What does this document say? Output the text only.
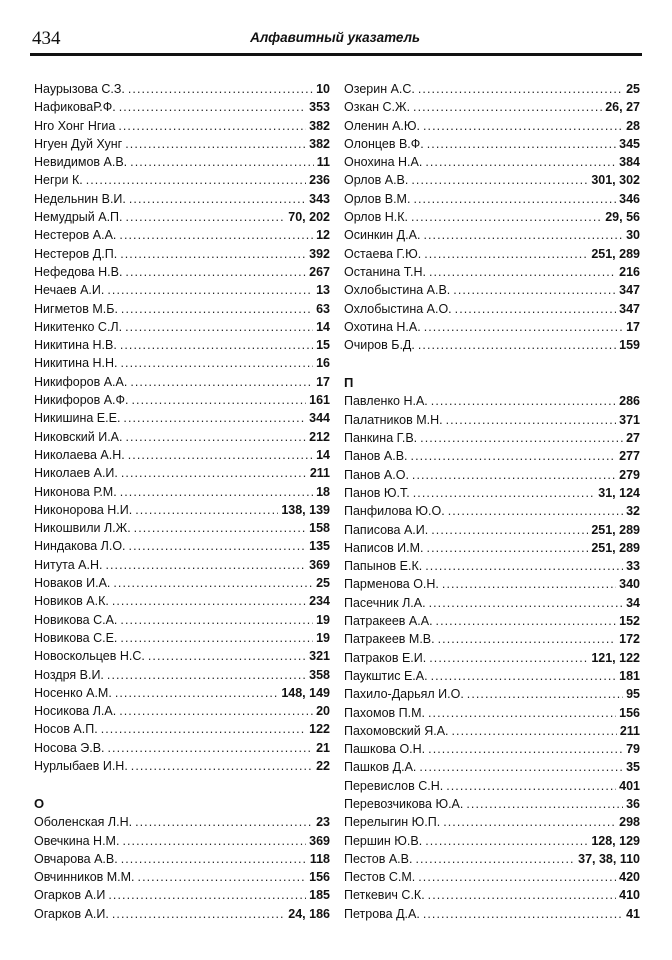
434	Алфавитный указатель
Наурызова С.З. . . .	10
НафиковаР.Ф. . . .	353
Нго Хонг Нгиа . . .	382
Нгуен Дуй Хунг . . .	382
Невидимов А.В. . . .	11
Негри К. . . .	236
Недельнин В.И. . . .	343
Немудрый А.П. . . .	70, 202
Нестеров А.А. . . .	12
Нестеров Д.П. . . .	392
Нефедова Н.В. . . .	267
Нечаев А.И. . . .	13
Нигметов М.Б. . . .	63
Никитенко С.Л. . . .	14
Никитина Н.В. . . .	15
Никитина Н.Н. . . .	16
Никифоров А.А. . . .	17
Никифоров А.Ф. . . .	161
Никишина Е.Е. . . .	344
Никовский И.А. . . .	212
Николаева А.Н. . . .	14
Николаев А.И. . . .	211
Никонова Р.М. . . .	18
Никонорова Н.И. . . .	138, 139
Никошвили Л.Ж. . . .	158
Ниндакова Л.О. . . .	135
Нитута А.Н. . . .	369
Новаков И.А. . . .	25
Новиков А.К. . . .	234
Новикова С.А. . . .	19
Новикова С.Е. . . .	19
Новоскольцев Н.С. . . .	321
Ноздря В.И. . . .	358
Носенко А.М. . . .	148, 149
Носикова Л.А. . . .	20
Носов А.П. . . .	122
Носова Э.В. . . .	21
Нурлыбаев И.Н. . . .	22
О
Оболенская Л.Н. . . .	23
Овечкина Н.М. . . .	369
Овчарова А.В. . . .	118
Овчинников М.М. . . .	156
Огарков А.И . . .	185
Огарков А.И. . . .	24, 186
Озерин А.С. . . .	25
Озкан С.Ж. . . .	26, 27
Оленин А.Ю. . . .	28
Олонцев В.Ф. . . .	345
Онохина Н.А. . . .	384
Орлов А.В. . . .	301, 302
Орлов В.М. . . .	346
Орлов Н.К. . . .	29, 56
Осинкин Д.А. . . .	30
Остаева Г.Ю. . . .	251, 289
Останина Т.Н. . . .	216
Охлобыстина А.В. . . .	347
Охлобыстина А.О. . . .	347
Охотина Н.А. . . .	17
Очиров Б.Д. . . .	159
П
Павленко Н.А. . . .	286
Палатников М.Н. . . .	371
Панкина Г.В. . . .	27
Панов А.В. . . .	277
Панов А.О. . . .	279
Панов Ю.Т. . . .	31, 124
Панфилова Ю.О. . . .	32
Паписова А.И. . . .	251, 289
Написов И.М. . . .	251, 289
Папынов Е.К. . . .	33
Парменова О.Н. . . .	340
Пасечник Л.А. . . .	34
Патракеев А.А. . . .	152
Патракеев М.В. . . .	172
Патраков Е.И. . . .	121, 122
Паукштис Е.А. . . .	181
Пахило-Дарьял И.О. . . .	95
Пахомов П.М. . . .	156
Пахомовский Я.А. . . .	211
Пашкова О.Н. . . .	79
Пашков Д.А. . . .	35
Перевислов С.Н. . . .	401
Перевозчикова Ю.А. . . .	36
Перелыгин Ю.П. . . .	298
Першин Ю.В. . . .	128, 129
Пестов А.В. . . .	37, 38, 110
Пестов С.М. . . .	420
Петкевич С.К. . . .	410
Петрова Д.А. . . .	41
